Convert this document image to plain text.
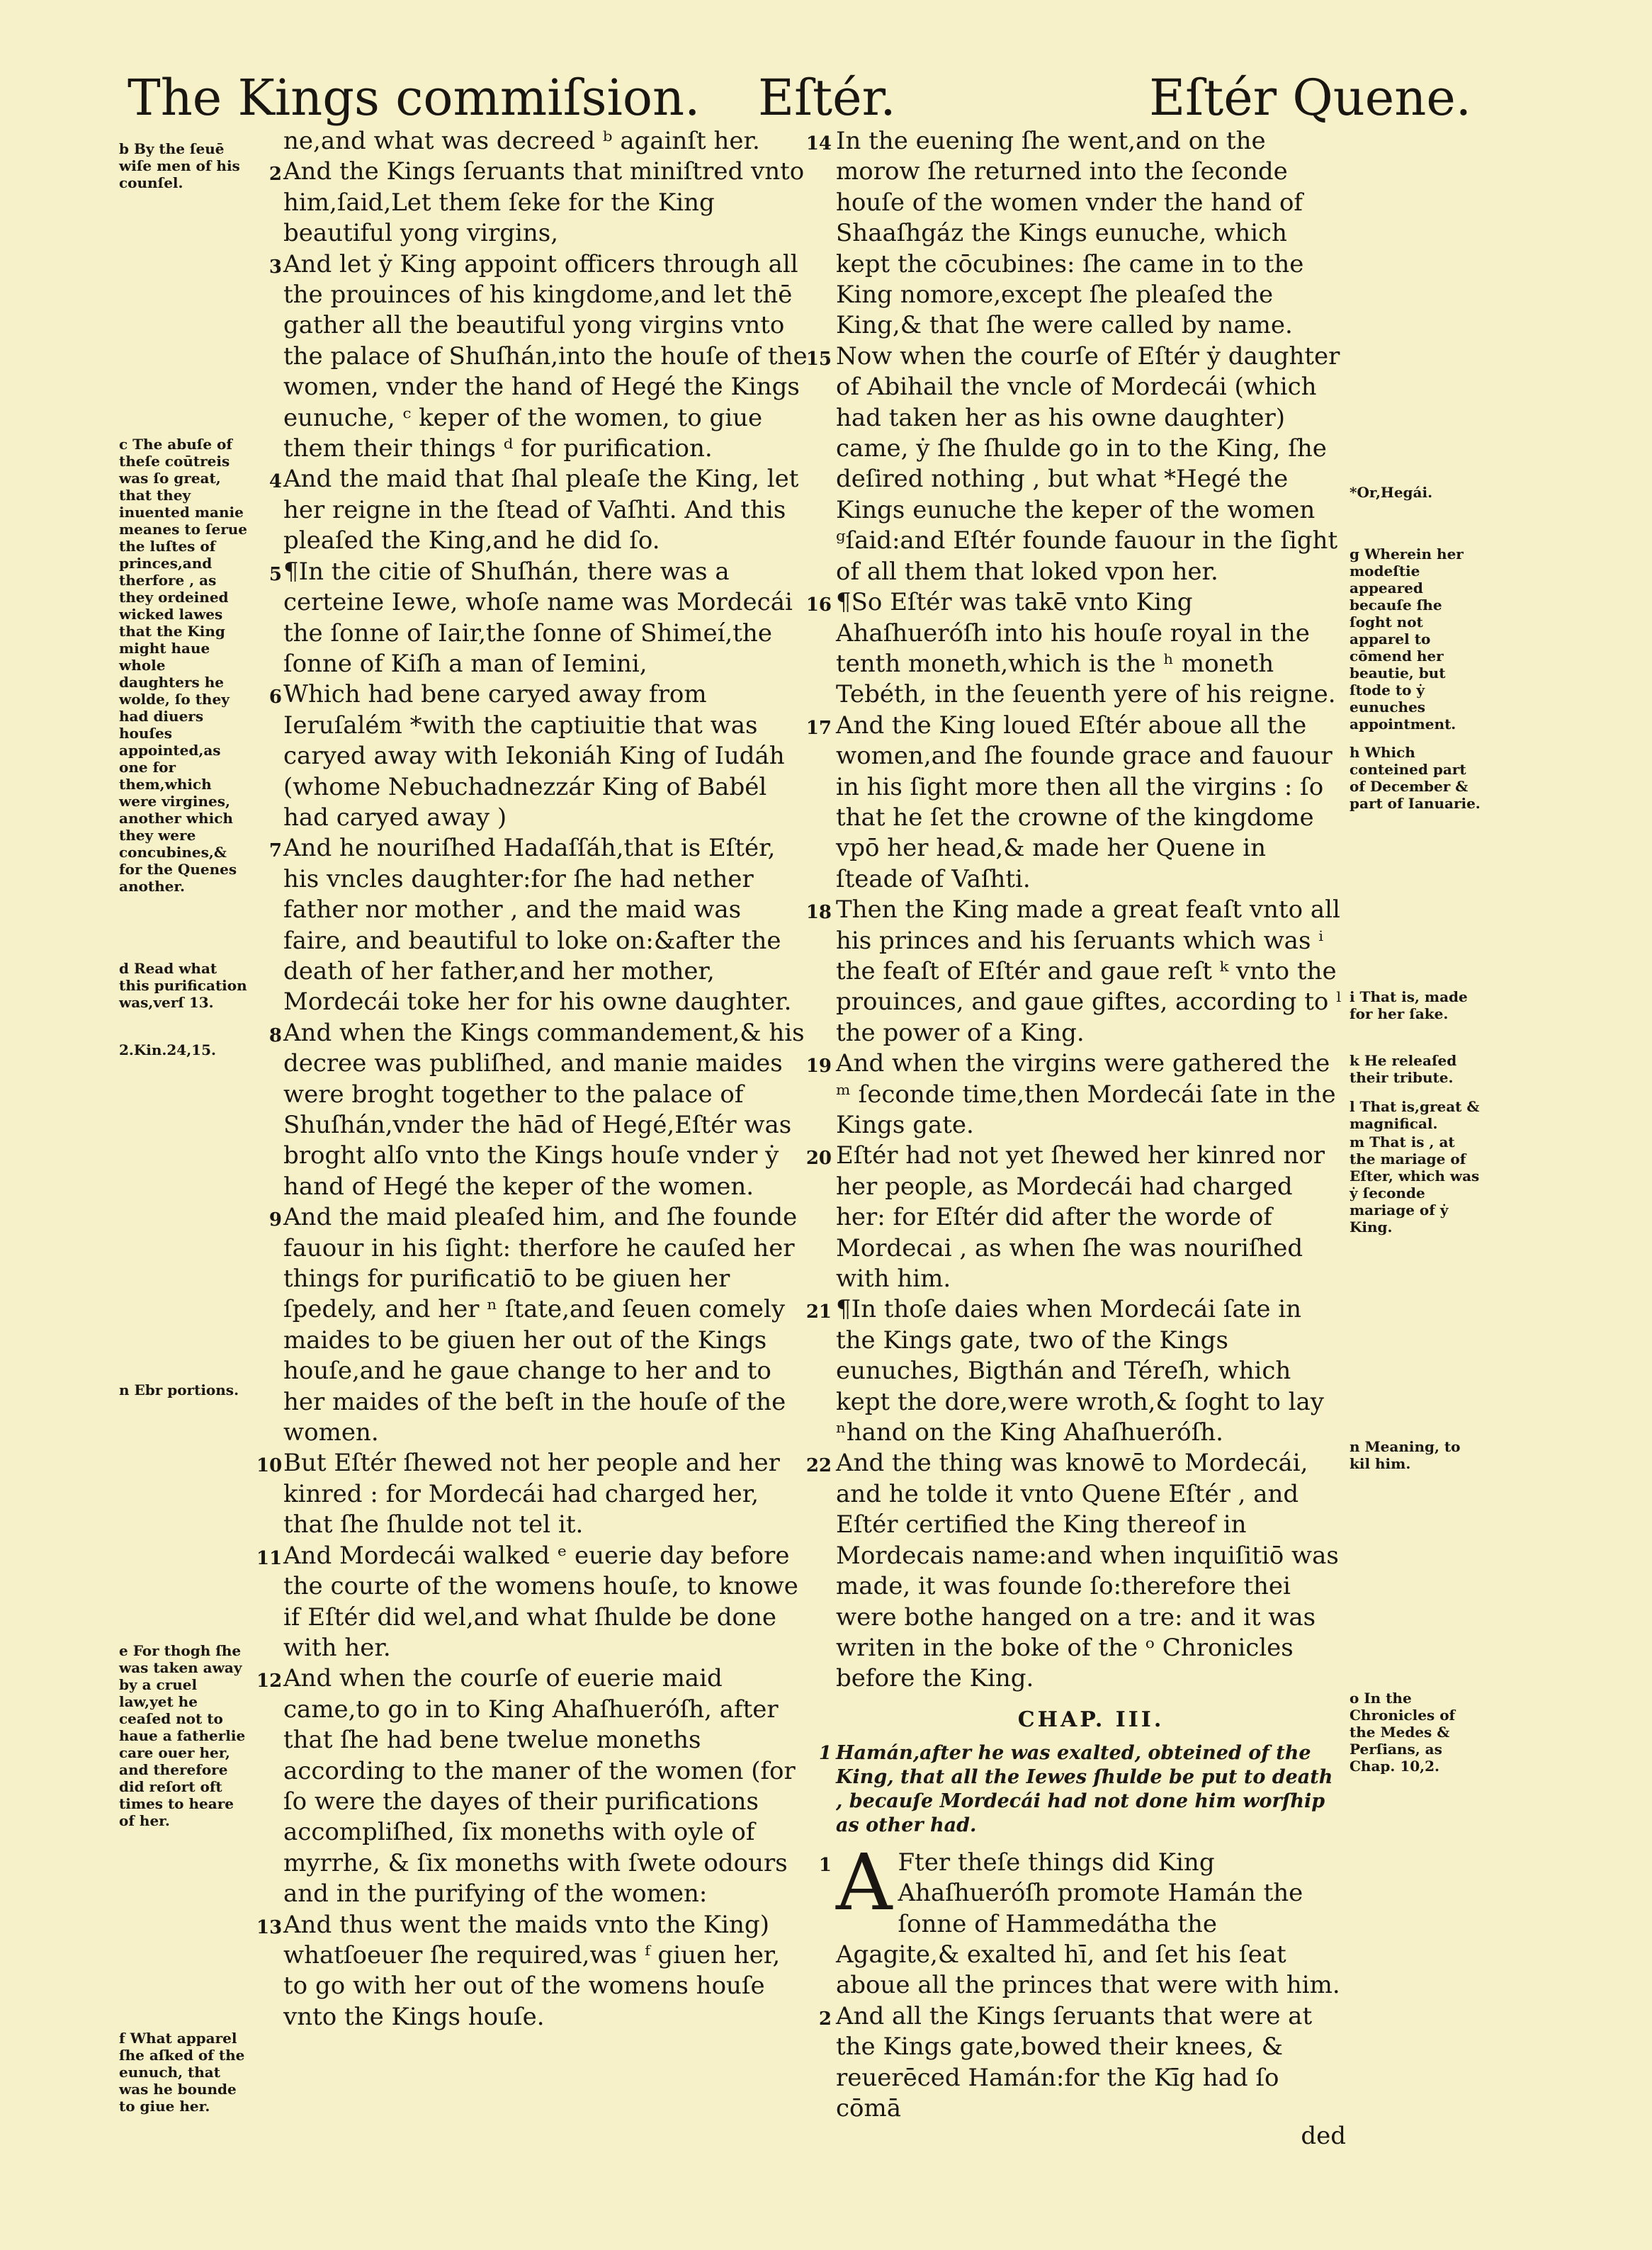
The Kings commiſsion. Eſtér.	Eſtér Quene.
b By the ſeuē wiſe men of his counſel.
c The abuſe of theſe coūtreis was ſo great, that they inuented manie meanes to ſerue the luſtes of princes,and therfore , as they ordeined wicked lawes that the King might haue whole daughters he wolde, ſo they had diuers houſes appointed,as one for them,which were virgines, another which they were concubines,& for the Quenes another.
d Read what this purification was,verſ 13.
2.Kin.24,15.
n Ebr portions.
e For thogh ſhe was taken away by a cruel law,yet he ceaſed not to haue a fatherlie care ouer her, and therefore did reſort oft times to heare of her.
f What apparel ſhe aſked of the eunuch, that was he bounde to giue her.
*Or,Hegái.
g Wherein her modeſtie appeared becauſe ſhe ſoght not apparel to cōmend her beautie, but ſtode to ẏ eunuches appointment.
h Which conteined part of December & part of Ianuarie.
i That is, made for her ſake.
k He releaſed their tribute.
l That is,great & magnifical.
m That is , at the mariage of Eſter, which was ẏ ſeconde mariage of ẏ King.
n Meaning, to kil him.
o In the Chronicles of the Medes & Perſians, as Chap. 10,2.
ne,and what was decreed ᵇ againſt her.
2 And the Kings ſeruants that miniſtred vnto him,ſaid,Let them ſeke for the King beautiful yong virgins,
3 And let ẏ King appoint officers through all the prouinces of his kingdome,and let thē gather all the beautiful yong virgins vnto the palace of Shuſhán,into the houſe of the women, vnder the hand of Hegé the Kings eunuche, ᶜ keper of the women, to giue them their things ᵈ for purification.
4 And the maid that ſhal pleaſe the King, let her reigne in the ſtead of Vaſhti. And this pleaſed the King,and he did ſo.
5 ¶In the citie of Shuſhán, there was a certeine Iewe, whoſe name was Mordecái the ſonne of Iair,the ſonne of Shimeí,the ſonne of Kiſh a man of Iemini,
6 Which had bene caryed away from Ieruſalém *with the captiuitie that was caryed away with Iekoniáh King of Iudáh (whome Nebuchadnezzár King of Babél had caryed away )
7 And he nouriſhed Hadaſſáh,that is Eſtér, his vncles daughter:for ſhe had nether father nor mother , and the maid was faire, and beautiful to loke on:&after the death of her father,and her mother, Mordecái toke her for his owne daughter.
8 And when the Kings commandement,& his decree was publiſhed, and manie maides were broght together to the palace of Shuſhán,vnder the hād of Hegé,Eſtér was broght alſo vnto the Kings houſe vnder ẏ hand of Hegé the keper of the women.
9 And the maid pleaſed him, and ſhe founde fauour in his ſight: therfore he cauſed her things for purificatiō to be giuen her ſpedely, and her ⁿ ſtate,and ſeuen comely maides to be giuen her out of the Kings houſe,and he gaue change to her and to her maides of the beſt in the houſe of the women.
10 But Eſtér ſhewed not her people and her kinred : for Mordecái had charged her, that ſhe ſhulde not tel it.
11 And Mordecái walked ᵉ euerie day before the courte of the womens houſe, to knowe if Eſtér did wel,and what ſhulde be done with her.
12 And when the courſe of euerie maid came,to go in to King Ahaſhueróſh, after that ſhe had bene twelue moneths according to the maner of the women (for ſo were the dayes of their purifications accompliſhed, ſix moneths with oyle of myrrhe, & ſix moneths with ſwete odours and in the purifying of the women:
13 And thus went the maids vnto the King) whatſoeuer ſhe required,was ᶠ giuen her, to go with her out of the womens houſe vnto the Kings houſe.
14 In the euening ſhe went,and on the morow ſhe returned into the ſeconde houſe of the women vnder the hand of Shaaſhgáz the Kings eunuche, which kept the cōcubines: ſhe came in to the King nomore,except ſhe pleaſed the King,& that ſhe were called by name.
15 Now when the courſe of Eſtér ẏ daughter of Abihail the vncle of Mordecái (which had taken her as his owne daughter) came, ẏ ſhe ſhulde go in to the King, ſhe deſired nothing , but what *Hegé the Kings eunuche the keper of the women ᵍſaid:and Eſtér founde fauour in the ſight of all them that loked vpon her.
16 ¶So Eſtér was takē vnto King Ahaſhueróſh into his houſe royal in the tenth moneth,which is the ʰ moneth Tebéth, in the ſeuenth yere of his reigne.
17 And the King loued Eſtér aboue all the women,and ſhe founde grace and fauour in his ſight more then all the virgins : ſo that he ſet the crowne of the kingdome vpō her head,& made her Quene in ſteade of Vaſhti.
18 Then the King made a great feaſt vnto all his princes and his ſeruants which was ⁱ the feaſt of Eſtér and gaue reſt ᵏ vnto the prouinces, and gaue giftes, according to ˡ the power of a King.
19 And when the virgins were gathered the ᵐ ſeconde time,then Mordecái ſate in the Kings gate.
20 Eſtér had not yet ſhewed her kinred nor her people, as Mordecái had charged her: for Eſtér did after the worde of Mordecai , as when ſhe was nouriſhed with him.
21 ¶In thoſe daies when Mordecái ſate in the Kings gate, two of the Kings eunuches, Bigthán and Téreſh, which kept the dore,were wroth,& ſoght to lay ⁿhand on the King Ahaſhueróſh.
22 And the thing was knowē to Mordecái, and he tolde it vnto Quene Eſtér , and Eſtér certified the King thereof in Mordecais name:and when inquiſitiō was made, it was founde ſo:therefore thei were bothe hanged on a tre: and it was writen in the boke of the ᵒ Chronicles before the King.
CHAP. III.
1 Hamán,after he was exalted, obteined of the King, that all the Iewes ſhulde be put to death , becauſe Mordecái had not done him worſhip as other had.
1 A Fter theſe things did King Ahaſhueróſh promote Hamán the ſonne of Hammedátha the Agagite,& exalted hī, and ſet his ſeat aboue all the princes that were with him.
2 And all the Kings ſeruants that were at the Kings gate,bowed their knees, & reuerēced Hamán:for the Kīg had ſo cōmā
ded
